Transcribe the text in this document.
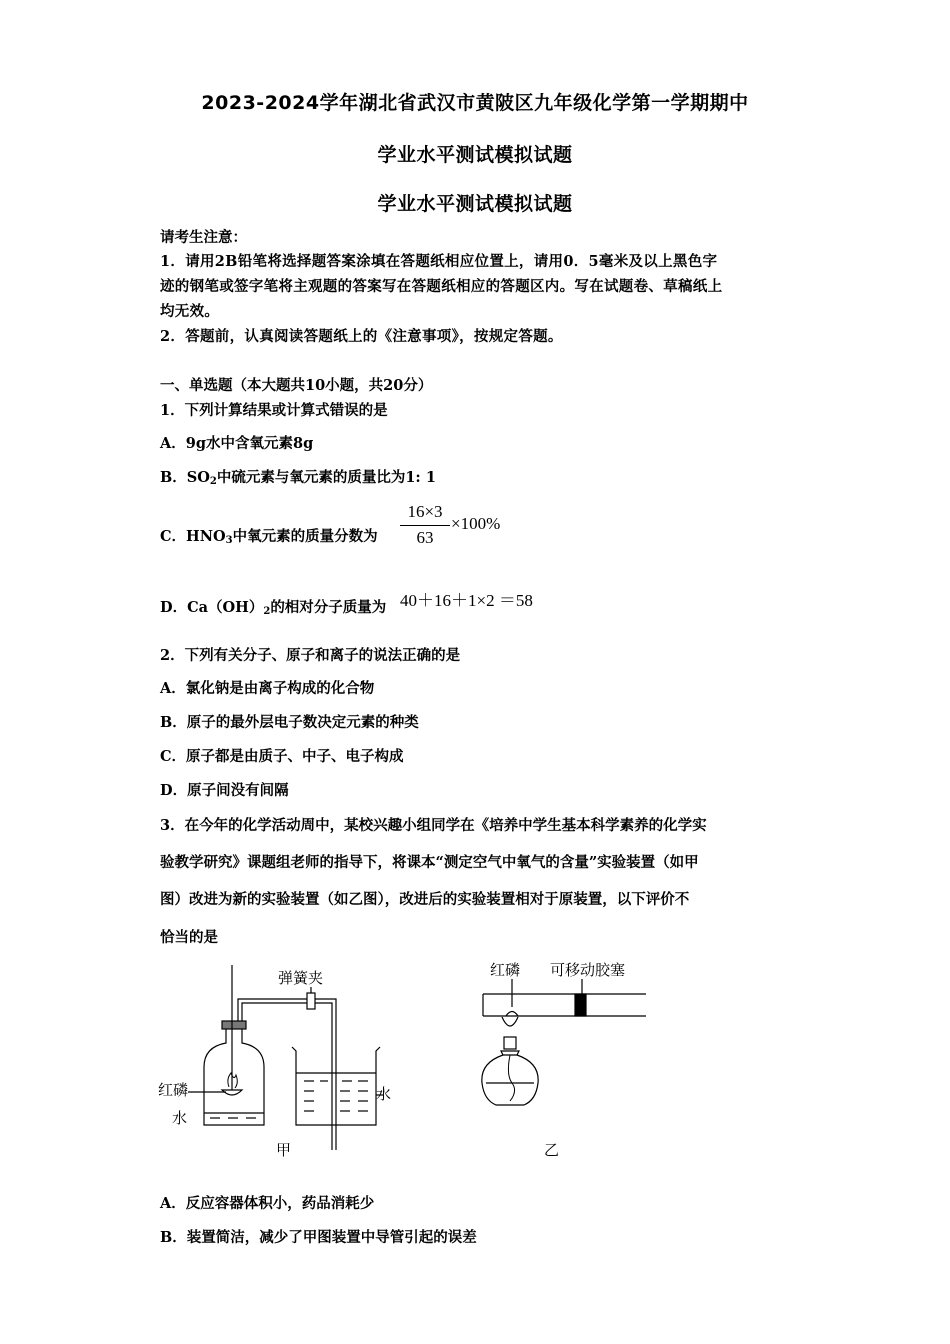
2023-2024学年湖北省武汉市黄陂区九年级化学第一学期期中
学业水平测试模拟试题
学业水平测试模拟试题
请考生注意：
1．请用2B铅笔将选择题答案涂填在答题纸相应位置上，请用0．5毫米及以上黑色字
迹的钢笔或签字笔将主观题的答案写在答题纸相应的答题区内。写在试题卷、草稿纸上
均无效。
2．答题前，认真阅读答题纸上的《注意事项》，按规定答题。
一、单选题（本大题共10小题，共20分）
1．下列计算结果或计算式错误的是
A．9g水中含氧元素8g
B．$SO_2$中硫元素与氧元素的质量比为1: 1
C．$HNO_3$中氧元素的质量分数为
16×3
63
×100%
D．$Ca(OH)_2$的相对分子质量为 40＋16＋1×2 ＝58
2．下列有关分子、原子和离子的说法正确的是
A．氯化钠是由离子构成的化合物
B．原子的最外层电子数决定元素的种类
C．原子都是由质子、中子、电子构成
D．原子间没有间隔
3．在今年的化学活动周中，某校兴趣小组同学在《培养中学生基本科学素养的化学实
验教学研究》课题组老师的指导下，将课本“测定空气中氧气的含量”实验装置（如甲
图）改进为新的实验装置（如乙图），改进后的实验装置相对于原装置，以下评价不
恰当的是
弹簧夹
红磷
水
水
甲
红磷 可移动胶塞
乙
A．反应容器体积小，药品消耗少
B．装置简洁，减少了甲图装置中导管引起的误差
